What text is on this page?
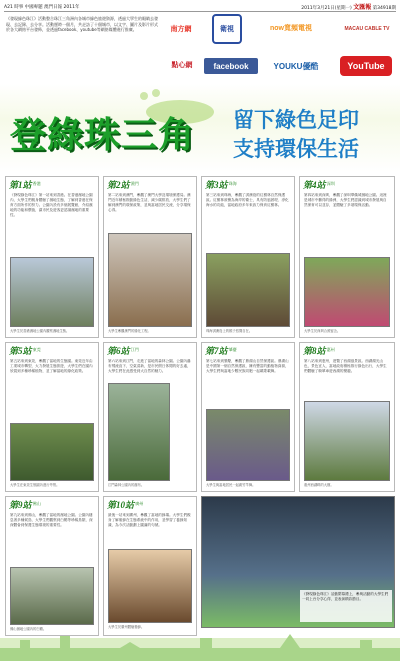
A21 時事 中國專題 澳門日報 2011年	2011年3月21日(星期一) 文匯報 第34918期
《發現綠色珠江》活動整合珠江三角洲內各城市綠色旅遊資源，透過大學生的眼睛去發現、去記錄、去分享。活動歷時一個月，共走訪了十個城市，以文字、圖片及影片形式於各大網絡平台發佈，並透過facebook、youtube等網絡媒體進行推廣。	南方網	衛視	now寬頻電視	MACAU CABLE TV
點心網	facebook	YOUKU優酷	YouTube
登綠珠三角	留下綠色足印
支持環保生活
第1站
香港
《發現綠色珠江》第一站來到香港。在香港濕地公園內，大學生們親身體驗了濕地生態，了解到香港在保育方面所作的努力。公園內設有多個展覽館，介紹濕地的功能和價值，讓市民及遊客更認識濕地的重要性。
大學生於香港濕地公園內觀察濕地生態。
第2站
澳門
第二站來到澳門，參觀了澳門大學及環境保護局。澳門近年積極推動綠色生活，減少碳排放，大學生們了解到澳門的環保政策，並與當地居民交流，分享環保心得。
大學生參觀澳門的綠化工程。
第3站
珠海
第三站來到珠海，參觀了淇澳島的紅樹林自然保護區。紅樹林被譽為海岸的衛士，具有防風固堤、淨化海水的功能，當地政府多年來致力保育紅樹林。
珠海淇澳島上的猴子悠閒自在。
第4站
深圳
第四站來到深圳，參觀了深圳華僑城濕地公園。這裡是城市中難得的綠洲，大學生們認識到城市發展與自然保育可以並存，並體驗了多項環保活動。
大學生於深圳合照留念。
第5站
東莞
第五站來到東莞，參觀了當地的生態園。東莞近年由工業城市轉型，大力發展生態旅遊，大學生們在園內欣賞到多種珍稀植物，並了解當地的綠化政策。
大學生在東莞生態園內進行考察。
第6站
江門
第六站來到江門，走進了當地的森林公園。公園內瀑布飛流直下，空氣清新，是市民假日休閒的好去處，大學生們在此感受到大自然的魅力。
江門森林公園內的瀑布。
第7站
肇慶
第七站來到肇慶，參觀了鼎湖山自然保護區。鼎湖山是中國第一個自然保護區，擁有豐富的動植物資源，大學生們與當地少數民族同胞一起載歌載舞。
大學生與當地居民一起跳竹竿舞。
第8站
惠州
第八站來到惠州，遊覽了西湖風景區。西湖湖光山色，景色宜人，當地政府積極推行綠色出行，大學生們體驗了騎單車遊西湖的樂趣。
惠州西湖畔的大樹。
第9站
佛山
第九站來到佛山，參觀了當地的濕地公園。公園內棲息著多種候鳥，大學生們觀察到白鶴等珍稀鳥類，深深體會到保護生態環境的重要性。
佛山濕地公園內的白鶴。
第10站
廣州
最後一站來到廣州，參觀了當地的蜂場。大學生們親身了解蜜蜂在生態系統中的作用，並學習了養蜂知識，為今次活動劃上圓滿的句號。
大學生於廣州體驗養蜂。
《發現綠色珠江》活動閉幕禮上，參與活動的大學生們一同上台分享心得，並表演精彩節目。
